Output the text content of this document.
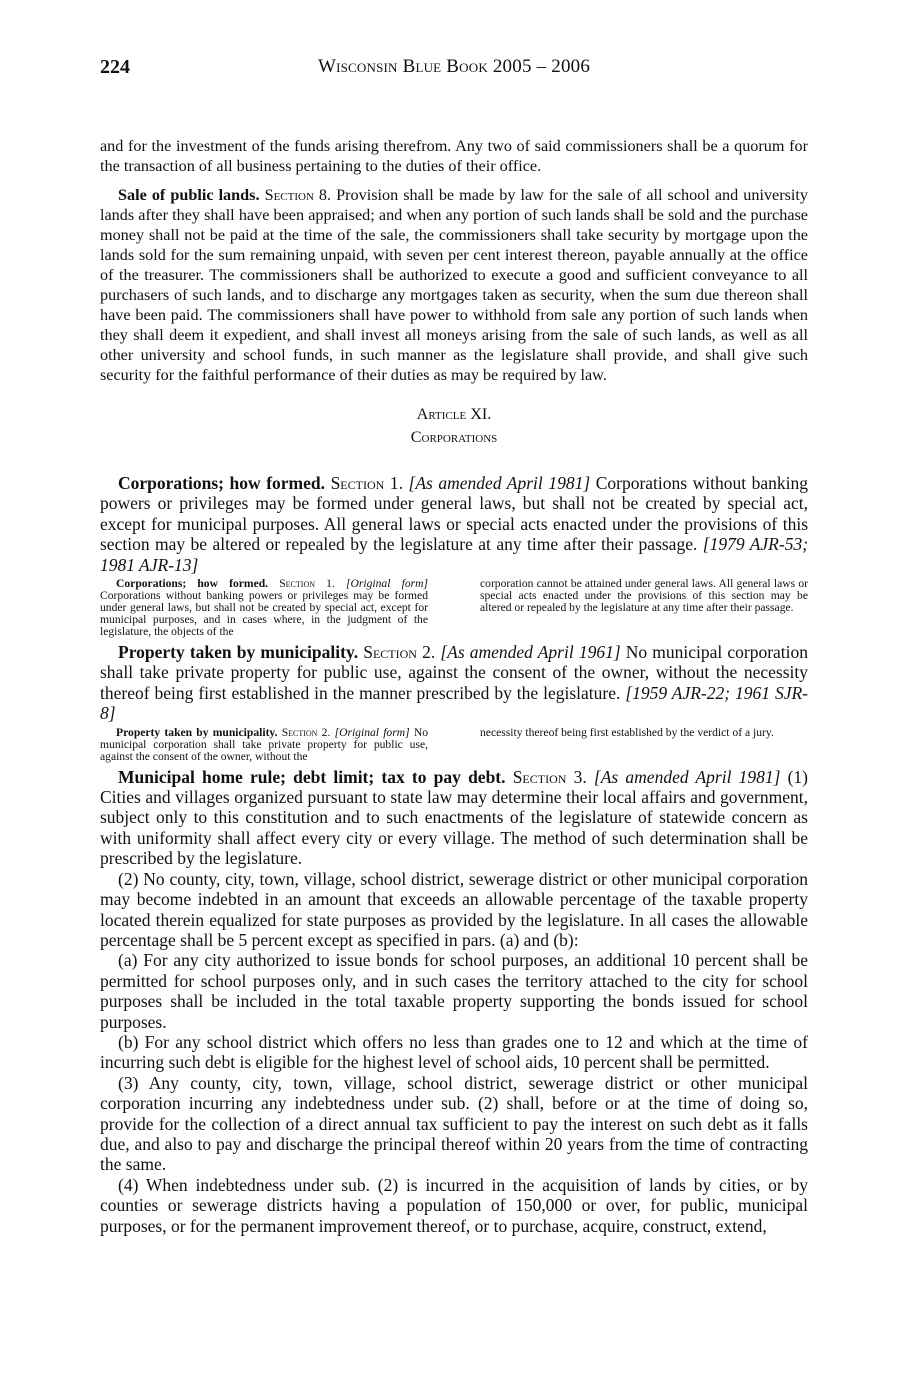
224	Wisconsin Blue Book 2005 – 2006

and for the investment of the funds arising therefrom. Any two of said commissioners shall be a quorum for the transaction of all business pertaining to the duties of their office.

Sale of public lands. Section 8. Provision shall be made by law for the sale of all school and university lands after they shall have been appraised; and when any portion of such lands shall be sold and the purchase money shall not be paid at the time of the sale, the commissioners shall take security by mortgage upon the lands sold for the sum remaining unpaid, with seven per cent interest thereon, payable annually at the office of the treasurer. The commissioners shall be authorized to execute a good and sufficient conveyance to all purchasers of such lands, and to discharge any mortgages taken as security, when the sum due thereon shall have been paid. The commissioners shall have power to withhold from sale any portion of such lands when they shall deem it expedient, and shall invest all moneys arising from the sale of such lands, as well as all other university and school funds, in such manner as the legislature shall provide, and shall give such security for the faithful performance of their duties as may be required by law.

Article XI.
Corporations

Corporations; how formed. Section 1. [As amended April 1981] Corporations without banking powers or privileges may be formed under general laws, but shall not be created by special act, except for municipal purposes. All general laws or special acts enacted under the provisions of this section may be altered or repealed by the legislature at any time after their passage. [1979 AJR-53; 1981 AJR-13]

Corporations; how formed. Section 1. [Original form] Corporations without banking powers or privileges may be formed under general laws, but shall not be created by special act, except for municipal purposes, and in cases where, in the judgment of the legislature, the objects of the

corporation cannot be attained under general laws. All general laws or special acts enacted under the provisions of this section may be altered or repealed by the legislature at any time after their passage.

Property taken by municipality. Section 2. [As amended April 1961] No municipal corporation shall take private property for public use, against the consent of the owner, without the necessity thereof being first established in the manner prescribed by the legislature. [1959 AJR-22; 1961 SJR-8]

Property taken by municipality. Section 2. [Original form] No municipal corporation shall take private property for public use, against the consent of the owner, without the

necessity thereof being first established by the verdict of a jury.

Municipal home rule; debt limit; tax to pay debt. Section 3. [As amended April 1981] (1) Cities and villages organized pursuant to state law may determine their local affairs and government, subject only to this constitution and to such enactments of the legislature of statewide concern as with uniformity shall affect every city or every village. The method of such determination shall be prescribed by the legislature.

(2) No county, city, town, village, school district, sewerage district or other municipal corporation may become indebted in an amount that exceeds an allowable percentage of the taxable property located therein equalized for state purposes as provided by the legislature. In all cases the allowable percentage shall be 5 percent except as specified in pars. (a) and (b):

(a) For any city authorized to issue bonds for school purposes, an additional 10 percent shall be permitted for school purposes only, and in such cases the territory attached to the city for school purposes shall be included in the total taxable property supporting the bonds issued for school purposes.

(b) For any school district which offers no less than grades one to 12 and which at the time of incurring such debt is eligible for the highest level of school aids, 10 percent shall be permitted.

(3) Any county, city, town, village, school district, sewerage district or other municipal corporation incurring any indebtedness under sub. (2) shall, before or at the time of doing so, provide for the collection of a direct annual tax sufficient to pay the interest on such debt as it falls due, and also to pay and discharge the principal thereof within 20 years from the time of contracting the same.

(4) When indebtedness under sub. (2) is incurred in the acquisition of lands by cities, or by counties or sewerage districts having a population of 150,000 or over, for public, municipal purposes, or for the permanent improvement thereof, or to purchase, acquire, construct, extend,
